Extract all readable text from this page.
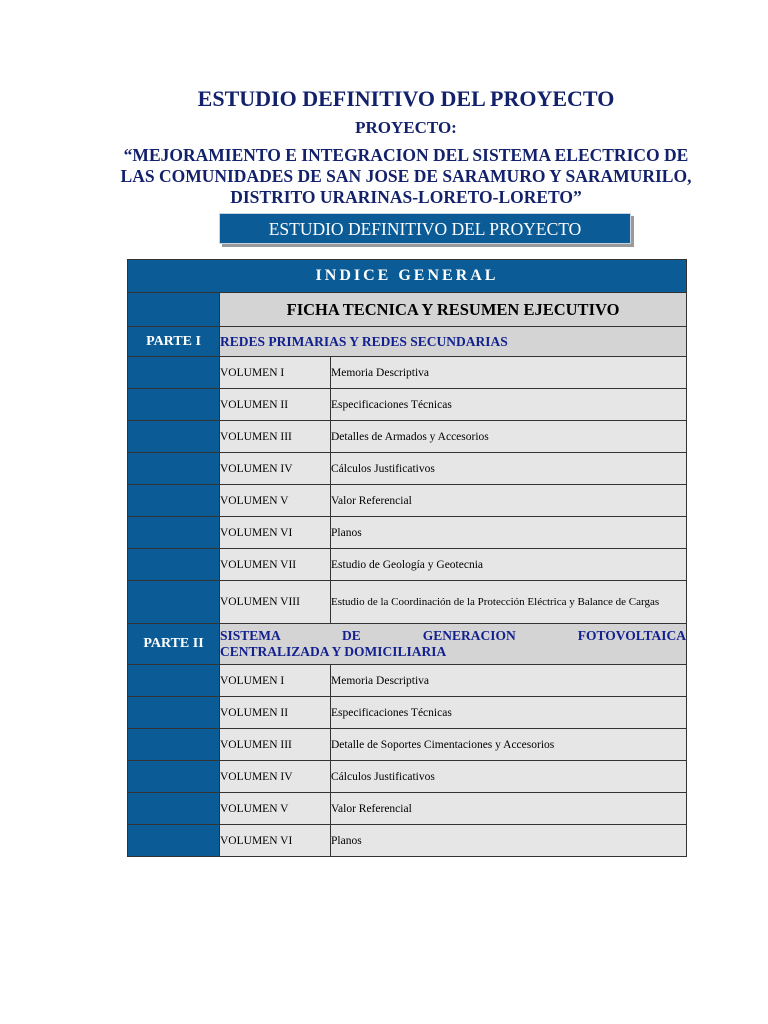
ESTUDIO DEFINITIVO DEL PROYECTO
PROYECTO:
“MEJORAMIENTO E INTEGRACION DEL SISTEMA ELECTRICO DE LAS COMUNIDADES DE SAN JOSE DE SARAMURO Y SARAMURILO, DISTRITO URARINAS-LORETO-LORETO”
ESTUDIO DEFINITIVO DEL PROYECTO
INDICE GENERAL		
	FICHA TECNICA Y RESUMEN EJECUTIVO	
PARTE I	REDES PRIMARIAS Y REDES SECUNDARIAS	
	VOLUMEN I	Memoria Descriptiva
	VOLUMEN II	Especificaciones Técnicas
	VOLUMEN III	Detalles de Armados y Accesorios
	VOLUMEN IV	Cálculos Justificativos
	VOLUMEN V	Valor Referencial
	VOLUMEN VI	Planos
	VOLUMEN VII	Estudio de Geología y Geotecnia
	VOLUMEN VIII	Estudio de la Coordinación de la Protección Eléctrica y Balance de Cargas
PARTE II	SISTEMA DE GENERACION FOTOVOLTAICA
CENTRALIZADA Y DOMICILIARIA	

	VOLUMEN I	Memoria Descriptiva
	VOLUMEN II	Especificaciones Técnicas
	VOLUMEN III	Detalle de Soportes Cimentaciones y Accesorios
	VOLUMEN IV	Cálculos Justificativos
	VOLUMEN V	Valor Referencial
	VOLUMEN VI	Planos
